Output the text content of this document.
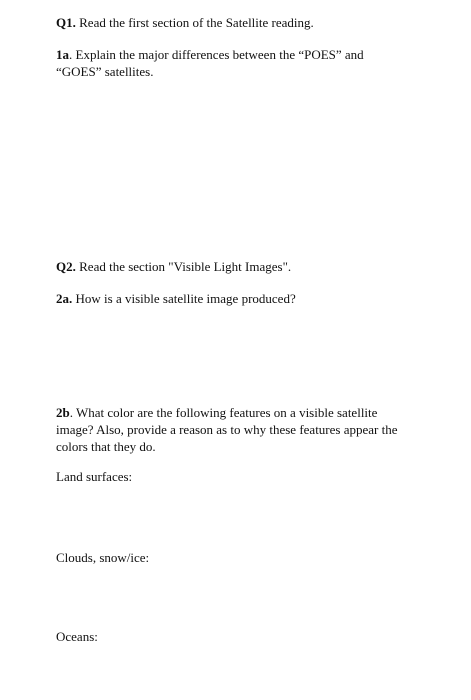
Q1. Read the first section of the Satellite reading.

1a. Explain the major differences between the “POES” and “GOES” satellites.

Q2. Read the section "Visible Light Images".

2a. How is a visible satellite image produced?

2b. What color are the following features on a visible satellite image? Also, provide a reason as to why these features appear the colors that they do.

Land surfaces:

Clouds, snow/ice:

Oceans:
